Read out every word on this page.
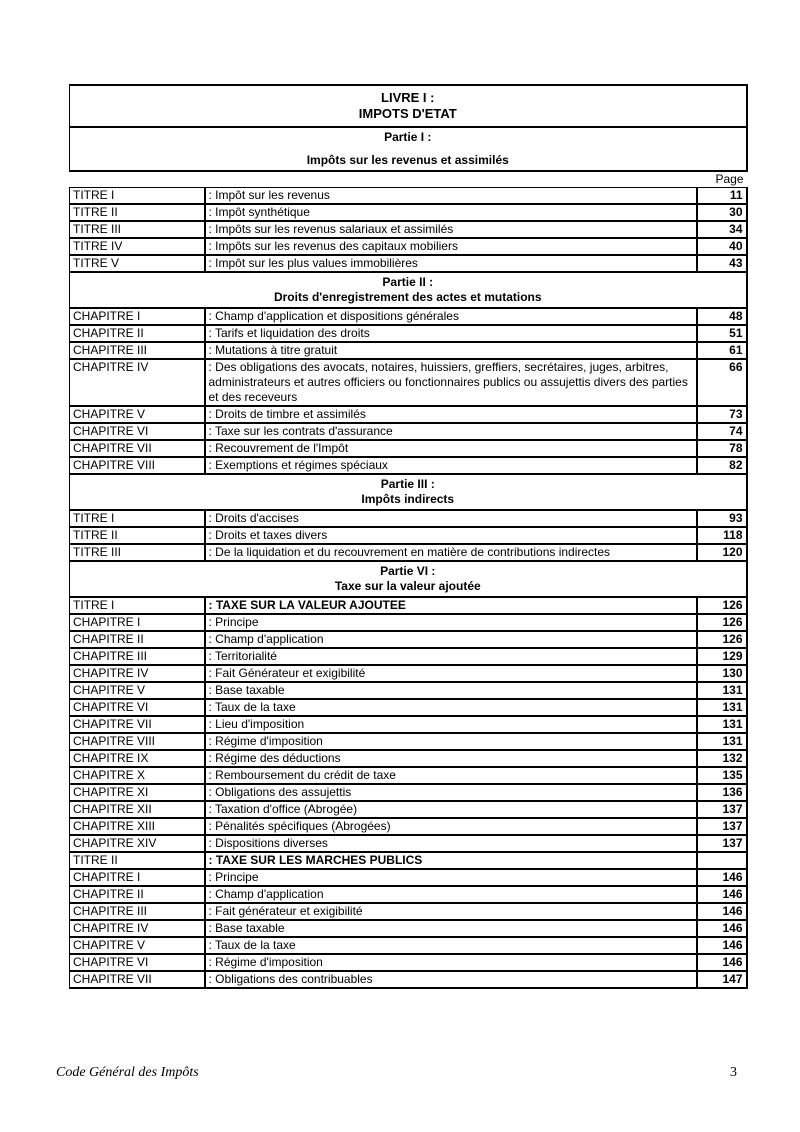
LIVRE I :
IMPOTS D'ETAT		

Partie I :

Impôts sur les revenus et assimilés		

		Page
TITRE I	: Impôt sur les revenus	11
TITRE II	: Impôt synthétique	30
TITRE III	: Impôts sur les revenus salariaux et assimilés	34
TITRE IV	: Impôts sur les revenus des capitaux mobiliers	40
TITRE V	: Impôt sur les plus values immobilières	43
Partie II :
Droits d'enregistrement des actes et mutations		
CHAPITRE I	: Champ d'application et dispositions générales	48
CHAPITRE II	: Tarifs et liquidation des droits	51
CHAPITRE III	: Mutations à titre gratuit	61
CHAPITRE IV	: Des obligations des avocats, notaires, huissiers, greffiers, secrétaires, juges, arbitres, administrateurs et autres officiers ou fonctionnaires publics ou assujettis divers des parties et des receveurs	66
CHAPITRE V	: Droits de timbre et assimilés	73
CHAPITRE VI	: Taxe sur les contrats d'assurance	74
CHAPITRE VII	: Recouvrement de l'Impôt	78
CHAPITRE VIII	: Exemptions et régimes spéciaux	82
Partie III :
Impôts indirects		
TITRE I	: Droits d'accises	93
TITRE II	: Droits et taxes divers	118
TITRE III	: De la liquidation et du recouvrement en matière de contributions indirectes	120
Partie VI :
Taxe sur la valeur ajoutée		
TITRE I	: TAXE SUR LA VALEUR AJOUTEE	126
CHAPITRE I	: Principe	126
CHAPITRE II	: Champ d'application	126
CHAPITRE III	: Territorialité	129
CHAPITRE IV	: Fait Générateur et exigibilité	130
CHAPITRE V	: Base taxable	131
CHAPITRE VI	: Taux de la taxe	131
CHAPITRE VII	: Lieu d'imposition	131
CHAPITRE VIII	: Régime d'imposition	131
CHAPITRE IX	: Régime des déductions	132
CHAPITRE X	: Remboursement du crédit de taxe	135
CHAPITRE XI	: Obligations des assujettis	136
CHAPITRE XII	: Taxation d'office (Abrogée)	137
CHAPITRE XIII	: Pénalités spécifiques (Abrogées)	137
CHAPITRE XIV	: Dispositions diverses	137
TITRE II	: TAXE SUR LES MARCHES PUBLICS	
CHAPITRE I	: Principe	146
CHAPITRE II	: Champ d'application	146
CHAPITRE III	: Fait générateur et exigibilité	146
CHAPITRE IV	: Base taxable	146
CHAPITRE V	: Taux de la taxe	146
CHAPITRE VI	: Régime d'imposition	146
CHAPITRE VII	: Obligations des contribuables	147
Code Général des Impôts	3
